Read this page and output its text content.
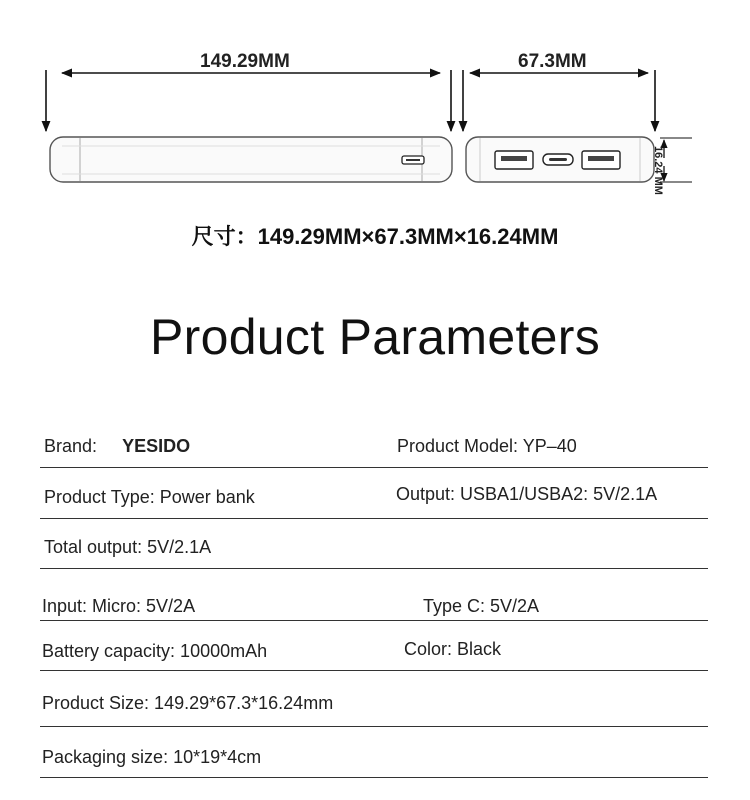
149.29MM	67.3MM
16.24 MM
尺寸：149.29MM×67.3MM×16.24MM
Product Parameters
Brand: YESIDO	Product Model: YP–40
Product Type: Power bank	Output: USBA1/USBA2: 5V/2.1A
Total output: 5V/2.1A
Input: Micro: 5V/2A	Type C: 5V/2A
Battery capacity: 10000mAh	Color: Black
Product Size: 149.29*67.3*16.24mm
Packaging size: 10*19*4cm
